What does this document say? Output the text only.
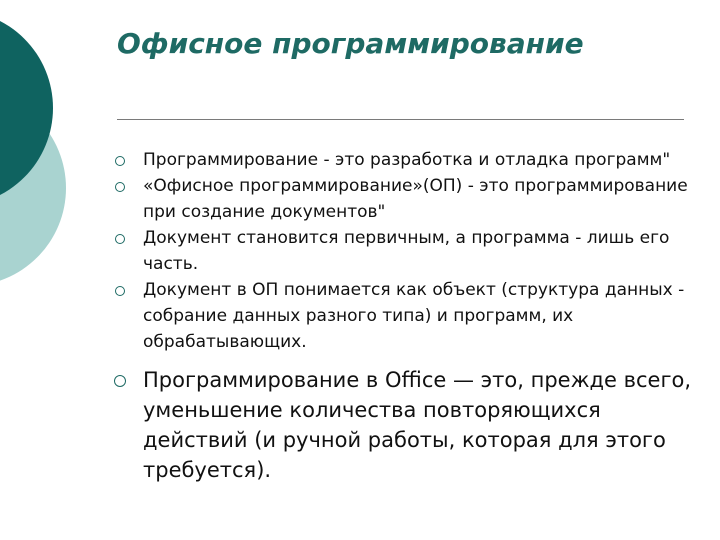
Офисное программирование
Программирование - это разработка и отладка программ"
«Офисное программирование»(ОП) - это программирование при создание документов"
Документ становится первичным, а программа - лишь его часть.
Документ в ОП понимается как объект (структура данных - собрание данных разного типа) и программ, их обрабатывающих.
Программирование в Office — это, прежде всего, уменьшение количества повторяющихся действий (и ручной работы, которая для этого требуется).
